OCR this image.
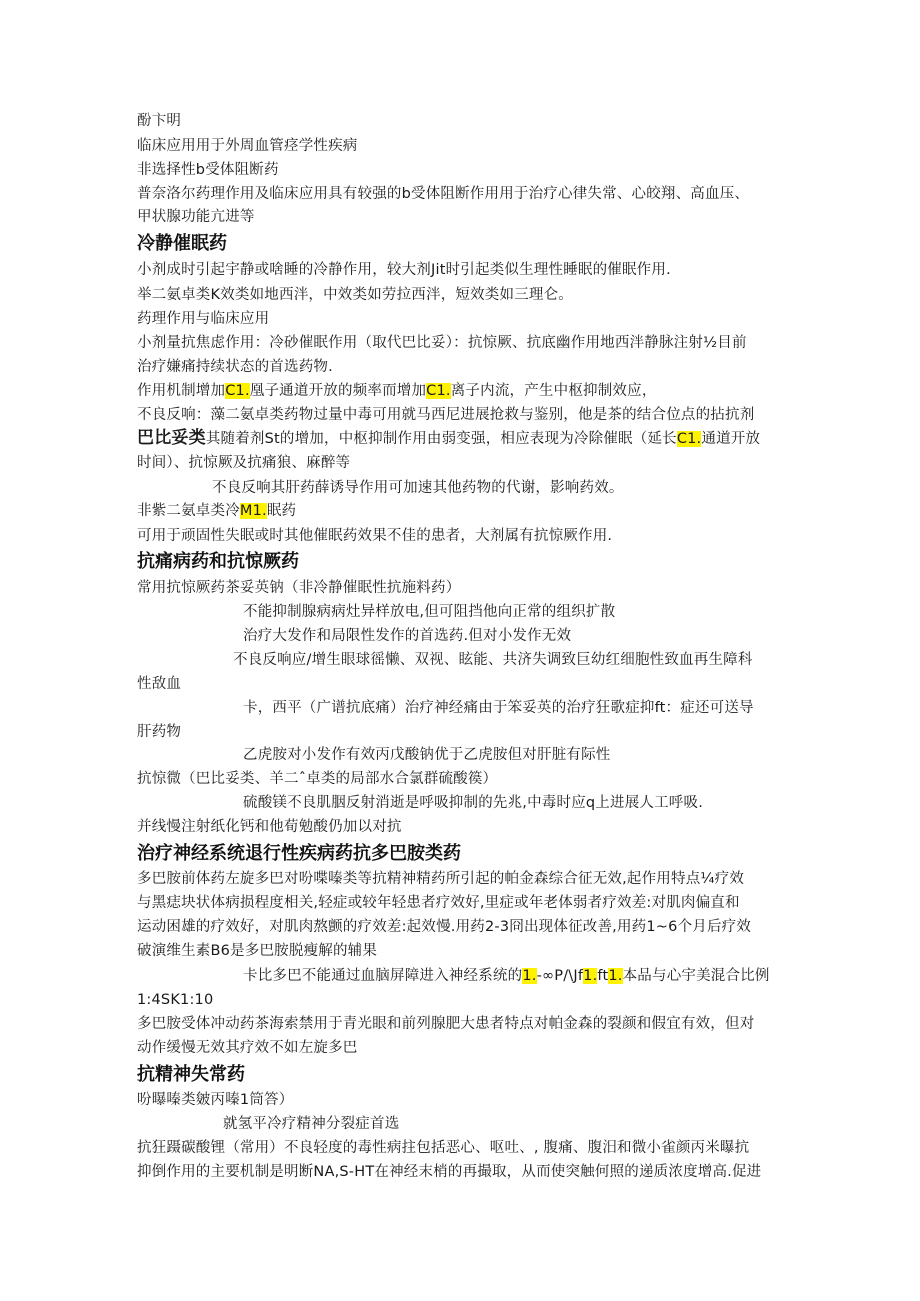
酚卞明
临床应用用于外周血管痉学性疾病
非选择性b受体阻断药
普奈洛尔药理作用及临床应用具有较强的b受体阻断作用用于治疗心律失常、心皎翔、高血压、
甲状腺功能亢进等
冷静催眠药
小剂成时引起宇静或啥睡的冷静作用，较大剂Jit时引起类似生理性睡眠的催眠作用.
举二氨卓类K效类如地西泮，中效类如劳拉西泮，短效类如三理仑。
药理作用与临床应用
小剂量抗焦虑作用：冷砂催眠作用（取代巴比妥）：抗惊厥、抗底幽作用地西泮静脉注射½目前
治疗嫌痛持续状态的首选药物.
作用机制增加C1.凰子通道开放的频率而增加C1.离子内流，产生中枢抑制效应，
不良反响：藻二氨卓类药物过量中毒可用就马西尼进展抢救与鉴别，他是茶的结合位点的拈抗剂
巴比妥类其随着剂St的增加，中枢抑制作用由弱变强，相应表现为冷除催眠（延长C1.通道开放
时间）、抗惊厥及抗痛狼、麻醉等
不良反响其肝药薛诱导作用可加速其他药物的代谢，影响药效。
非紫二氨卓类冷M1.眠药
可用于顽固性失眠或时其他催眠药效果不佳的患者，大剂属有抗惊厥作用.
抗痛病药和抗惊厥药
常用抗惊厥药茶妥英钠（非冷静催眠性抗施料药）
不能抑制腺病病灶异样放电,但可阻挡他向正常的组织扩散
治疗大发作和局限性发作的首选药.但对小发作无效
不良反响应/增生眼球徭懒、双视、眩能、共济失调致巨幼红细胞性致血再生障科
性敌血
卡，西平（广谱抗底痛）治疗神经痛由于笨妥英的治疗狂歌症抑ft：症还可送导
肝药物
乙虎胺对小发作有效丙戊酸钠优于乙虎胺但对肝脏有际性
抗惊微（巴比妥类、羊二ˆ卓类的局部水合氯群硫酸篌）
硫酸镁不良肌胭反射消逝是呼吸抑制的先兆,中毒时应q上进展人工呼吸.
并线慢注射纸化钙和他荀勉酸仍加以对抗
治疗神经系统退行性疾病药抗多巴胺类药
多巴胺前体药左旋多巴对吩喋嗪类等抗精神精药所引起的帕金森综合征无效,起作用特点¼疗效
与黑痣块状体病损程度相关,轻症或较年轻患者疗效好,里症或年老体弱者疗效差:对肌肉偏直和
运动困雄的疗效好，对肌肉熬颤的疗效差:起效慢.用药2-3冏出现体征改善,用药1~6个月后疗效
破演维生素B6是多巴胺脱瘦解的辅果
卡比多巴不能通过血脑屏障进入神经系统的1.-∞P/\Jf1.ft1.本品与心宇美混合比例
1:4SK1:10
多巴胺受体冲动药茶海索禁用于青光眼和前列腺肥大患者特点对帕金森的裂颜和假宜有效，但对
动作缓慢无效其疗效不如左旋多巴
抗精神失常药
吩曝嗪类皴丙嗪1筒答）
就氢平冷疗精神分裂症首选
抗狂蹑碳酸锂（常用）不良轻度的毒性病拄包括恶心、呕吐、, 腹痛、腹汨和微小雀颜丙米曝抗
抑倒作用的主要机制是明断NA,S-HT在神经末梢的再撮取，从而使突触何照的递质浓度增高.促进
